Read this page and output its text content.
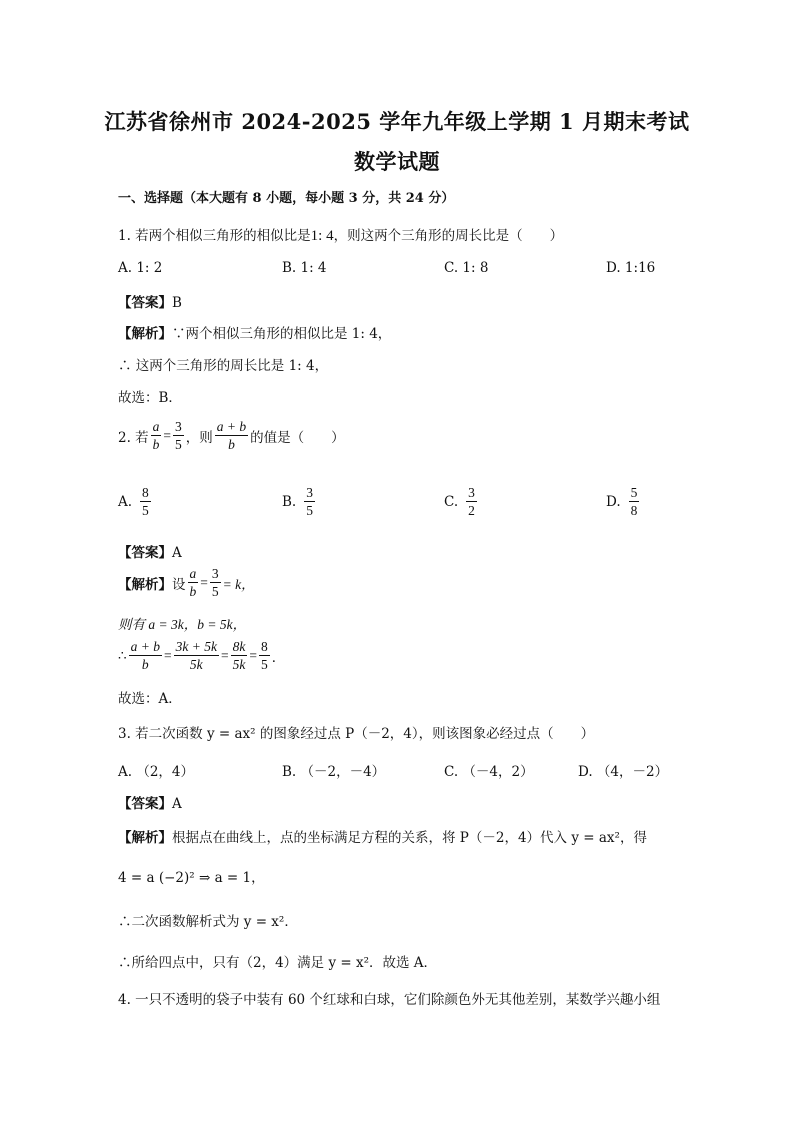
江苏省徐州市 2024-2025 学年九年级上学期 1 月期末考试
数学试题
一、选择题（本大题有 8 小题，每小题 3 分，共 24 分）
1. 若两个相似三角形的相似比是1: 4，则这两个三角形的周长比是（　　）
A. 1: 2	B. 1: 4	C. 1: 8	D. 1:16
【答案】B
【解析】∵两个相似三角形的相似比是 1: 4，
∴ 这两个三角形的周长比是 1: 4，
故选：B．
2. 若 $\frac{a}{b} = \frac{3}{5}$ ，则 $\frac{a + b}{b}$ 的值是（　　）
A. $\frac{8}{5}$	B. $\frac{3}{5}$	C. $\frac{3}{2}$	D. $\frac{5}{8}$
【答案】A
【解析】 设 $\frac{a}{b} = \frac{3}{5} = k$，
则有 a = 3k，b = 5k，
∴ $\frac{a + b}{b} = \frac{3k + 5k}{5k} = \frac{8k}{5k} = \frac{8}{5}$ ．
故选：A．
3. 若二次函数 y = ax² 的图象经过点 P（－2，4），则该图象必经过点（　　）
A. （2，4）	B. （－2，－4）	C. （－4，2）	D. （4，－2）
【答案】A
【解析】根据点在曲线上，点的坐标满足方程的关系，将 P（－2，4）代入 y = ax²，得
4 = a (−2)² ⇒ a = 1，
∴二次函数解析式为 y = x²．
∴所给四点中，只有（2，4）满足 y = x²．故选 A．
4. 一只不透明的袋子中装有 60 个红球和白球，它们除颜色外无其他差别，某数学兴趣小组
